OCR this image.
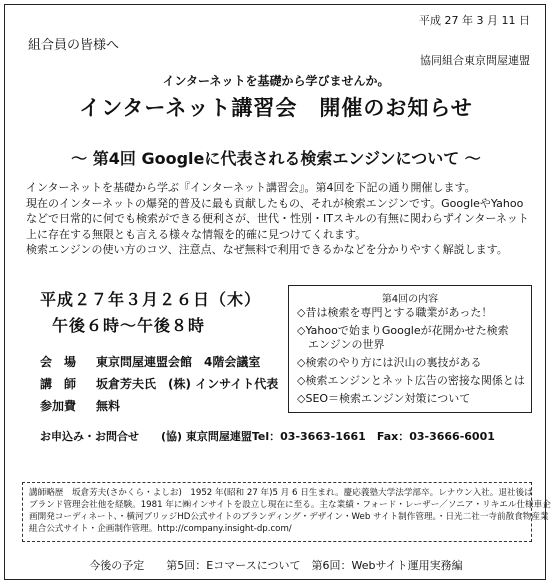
平成 27 年 3 月 11 日
組合員の皆様へ
協同組合東京問屋連盟
インターネットを基礎から学びませんか。
インターネット講習会　開催のお知らせ
～ 第4回 Googleに代表される検索エンジンについて ～

インターネットを基礎から学ぶ『インターネット講習会』。第4回を下記の通り開催します。

現在のインターネットの爆発的普及に最も貢献したもの、それが検索エンジンです。GoogleやYahoo

などで日常的に何でも検索ができる便利さが、世代・性別・ITスキルの有無に関わらずインターネット

上に存在する無限とも言える様々な情報を的確に見つけてくれます。

検索エンジンの使い方のコツ、注意点、なぜ無料で利用できるかなどを分かりやすく解説します。

平成２７年３月２６日（木）
午後６時～午後８時
会　場 東京問屋連盟会館　4階会議室
講　師 坂倉芳夫氏　(株) インサイト代表
参加費 無料
第4回の内容
◇昔は検索を専門とする職業があった！
◇Yahooで始まりGoogleが花開かせた検索
　エンジンの世界
◇検索のやり方には沢山の裏技がある
◇検索エンジンとネット広告の密接な関係とは
◇SEO＝検索エンジン対策について
お申込み・お問合せ　　(協) 東京問屋連盟Tel：03-3663-1661　Fax：03-3666-6001

講師略歴　坂倉芳夫(さかくら・よしお)　1952 年(昭和 27 年)5 月 6 日生まれ。慶応義塾大学法学部卒。レナウン入社。退社後は

ブランド管理会社他を経験。1981 年に㈱インサイトを設立し現在に至る。主な業績・フォード・レーザー／ソニア・リキエル仕様車企

画開発コーディネート、・横河ブリッジHD公式サイトのブランディング・デザイン・Web サイト制作管理。・日光二社一寺前散食物産業

組合公式サイト・企画制作管理。http://company.insight-dp.com/

今後の予定　　第5回：Eコマースについて　第6回：Webサイト運用実務編
